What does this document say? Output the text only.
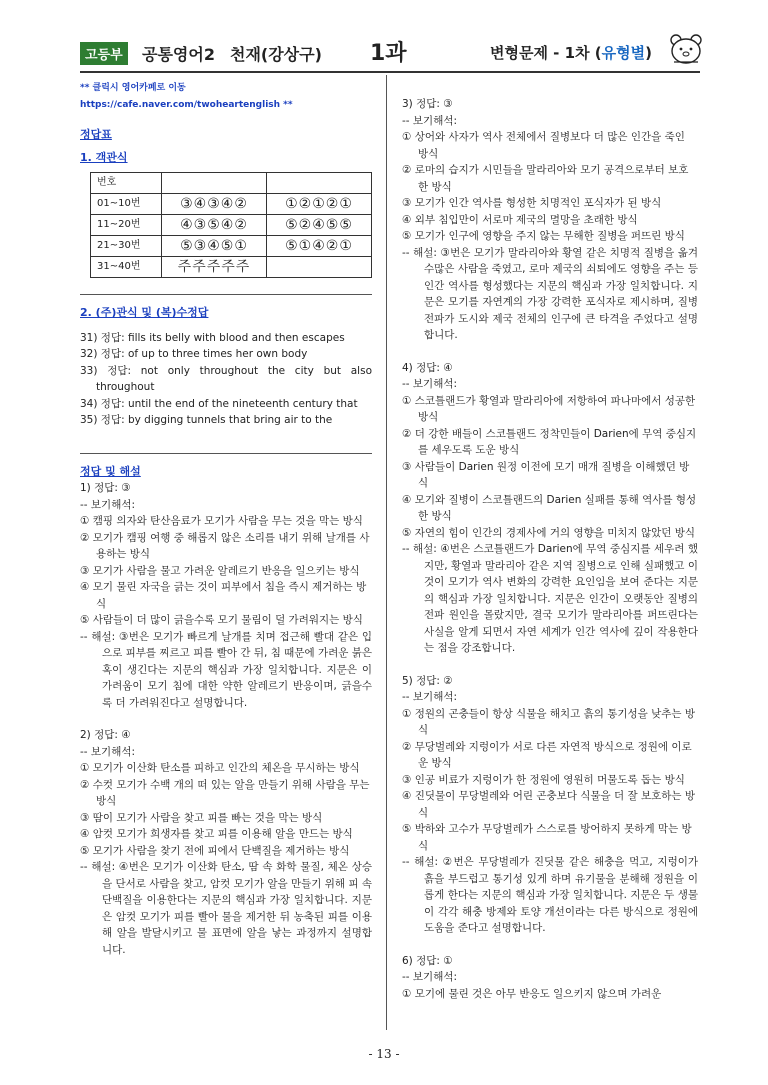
고등부	공통영어2 천재(강상구) 1과	변형문제 - 1차 (유형별)
** 클릭시 영어카페로 이동 https://cafe.naver.com/twoheartenglish **
정답표
1. 객관식
번호		
01~10번	③④③④②	①②①②①
11~20번	④③⑤④②	⑤②④⑤⑤
21~30번	⑤③④⑤①	⑤①④②①
31~40번	주주주주주	
2. (주)관식 및 (복)수정답

31) 정답: fills its belly with blood and then escapes

32) 정답: of up to three times her own body

33) 정답: not only throughout the city but also throughout

34) 정답: until the end of the nineteenth century that

35) 정답: by digging tunnels that bring air to the

정답 및 해설

1) 정답: ③

-- 보기해석:

① 캠핑 의자와 탄산음료가 모기가 사람을 무는 것을 막는 방식

② 모기가 캠핑 여행 중 해롭지 않은 소리를 내기 위해 날개를 사용하는 방식

③ 모기가 사람을 물고 가려운 알레르기 반응을 일으키는 방식

④ 모기 물린 자국을 긁는 것이 피부에서 침을 즉시 제거하는 방식

⑤ 사람들이 더 많이 긁을수록 모기 물림이 덜 가려워지는 방식

-- 해설: ③번은 모기가 빠르게 날개를 치며 접근해 빨대 같은 입으로 피부를 찌르고 피를 빨아 간 뒤, 침 때문에 가려운 붉은 혹이 생긴다는 지문의 핵심과 가장 일치합니다. 지문은 이 가려움이 모기 침에 대한 약한 알레르기 반응이며, 긁을수록 더 가려워진다고 설명합니다.

2) 정답: ④

-- 보기해석:

① 모기가 이산화 탄소를 피하고 인간의 체온을 무시하는 방식

② 수컷 모기가 수백 개의 떠 있는 알을 만들기 위해 사람을 무는 방식

③ 땀이 모기가 사람을 찾고 피를 빠는 것을 막는 방식

④ 암컷 모기가 희생자를 찾고 피를 이용해 알을 만드는 방식

⑤ 모기가 사람을 찾기 전에 피에서 단백질을 제거하는 방식

-- 해설: ④번은 모기가 이산화 탄소, 땀 속 화학 물질, 체온 상승을 단서로 사람을 찾고, 암컷 모기가 알을 만들기 위해 피 속 단백질을 이용한다는 지문의 핵심과 가장 일치합니다. 지문은 암컷 모기가 피를 빨아 물을 제거한 뒤 농축된 피를 이용해 알을 발달시키고 물 표면에 알을 낳는 과정까지 설명합니다.

3) 정답: ③

-- 보기해석:

① 상어와 사자가 역사 전체에서 질병보다 더 많은 인간을 죽인 방식

② 로마의 습지가 시민들을 말라리아와 모기 공격으로부터 보호한 방식

③ 모기가 인간 역사를 형성한 치명적인 포식자가 된 방식

④ 외부 침입만이 서로마 제국의 멸망을 초래한 방식

⑤ 모기가 인구에 영향을 주지 않는 무해한 질병을 퍼뜨린 방식

-- 해설: ③번은 모기가 말라리아와 황열 같은 치명적 질병을 옮겨 수많은 사람을 죽였고, 로마 제국의 쇠퇴에도 영향을 주는 등 인간 역사를 형성했다는 지문의 핵심과 가장 일치합니다. 지문은 모기를 자연계의 가장 강력한 포식자로 제시하며, 질병 전파가 도시와 제국 전체의 인구에 큰 타격을 주었다고 설명합니다.

4) 정답: ④

-- 보기해석:

① 스코틀랜드가 황열과 말라리아에 저항하여 파나마에서 성공한 방식

② 더 강한 배들이 스코틀랜드 정착민들이 Darien에 무역 중심지를 세우도록 도운 방식

③ 사람들이 Darien 원정 이전에 모기 매개 질병을 이해했던 방식

④ 모기와 질병이 스코틀랜드의 Darien 실패를 통해 역사를 형성한 방식

⑤ 자연의 힘이 인간의 경제사에 거의 영향을 미치지 않았던 방식

-- 해설: ④번은 스코틀랜드가 Darien에 무역 중심지를 세우려 했지만, 황열과 말라리아 같은 지역 질병으로 인해 실패했고 이것이 모기가 역사 변화의 강력한 요인임을 보여 준다는 지문의 핵심과 가장 일치합니다. 지문은 인간이 오랫동안 질병의 전파 원인을 몰랐지만, 결국 모기가 말라리아를 퍼뜨린다는 사실을 알게 되면서 자연 세계가 인간 역사에 깊이 작용한다는 점을 강조합니다.

5) 정답: ②

-- 보기해석:

① 정원의 곤충들이 항상 식물을 해치고 흙의 통기성을 낮추는 방식

② 무당벌레와 지렁이가 서로 다른 자연적 방식으로 정원에 이로운 방식

③ 인공 비료가 지렁이가 한 정원에 영원히 머물도록 돕는 방식

④ 진딧물이 무당벌레와 어린 곤충보다 식물을 더 잘 보호하는 방식

⑤ 박하와 고수가 무당벌레가 스스로를 방어하지 못하게 막는 방식

-- 해설: ②번은 무당벌레가 진딧물 같은 해충을 먹고, 지렁이가 흙을 부드럽고 통기성 있게 하며 유기물을 분해해 정원을 이롭게 한다는 지문의 핵심과 가장 일치합니다. 지문은 두 생물이 각각 해충 방제와 토양 개선이라는 다른 방식으로 정원에 도움을 준다고 설명합니다.

6) 정답: ①

-- 보기해석:

① 모기에 물린 것은 아무 반응도 일으키지 않으며 가려운

- 13 -
